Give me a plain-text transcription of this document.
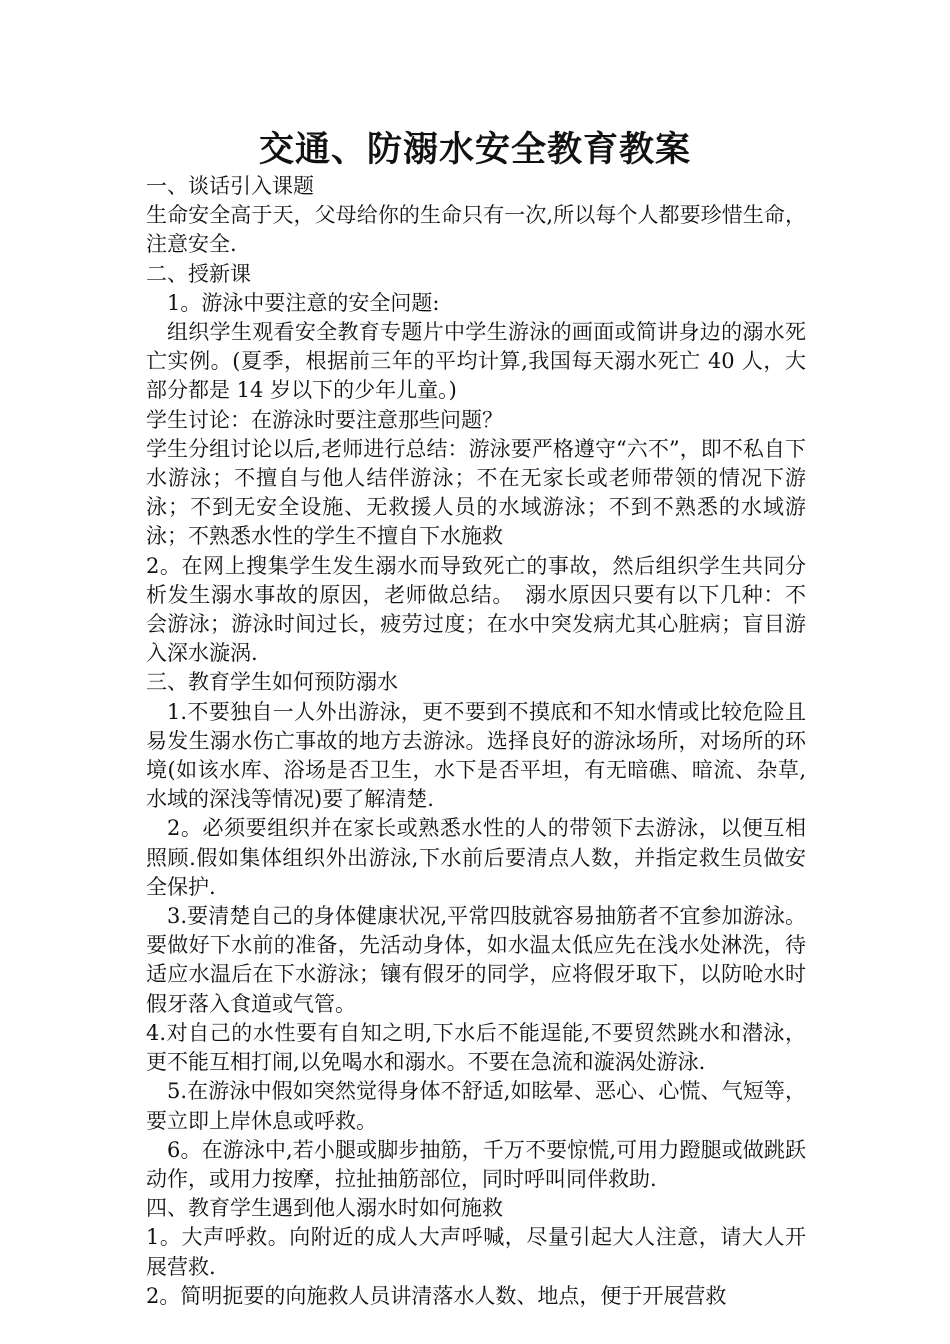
交通、防溺水安全教育教案

一、谈话引入课题

生命安全高于天，父母给你的生命只有一次,所以每个人都要珍惜生命，注意安全.

二、授新课

1。游泳中要注意的安全问题:

组织学生观看安全教育专题片中学生游泳的画面或简讲身边的溺水死亡实例。(夏季，根据前三年的平均计算,我国每天溺水死亡 40 人，大部分都是 14 岁以下的少年儿童。)

学生讨论：在游泳时要注意那些问题？

学生分组讨论以后,老师进行总结：游泳要严格遵守“六不”，即不私自下水游泳；不擅自与他人结伴游泳；不在无家长或老师带领的情况下游泳；不到无安全设施、无救援人员的水域游泳；不到不熟悉的水域游泳；不熟悉水性的学生不擅自下水施救

2。在网上搜集学生发生溺水而导致死亡的事故，然后组织学生共同分析发生溺水事故的原因，老师做总结。　溺水原因只要有以下几种：不会游泳；游泳时间过长，疲劳过度；在水中突发病尤其心脏病；盲目游入深水漩涡.

三、教育学生如何预防溺水

1.不要独自一人外出游泳，更不要到不摸底和不知水情或比较危险且易发生溺水伤亡事故的地方去游泳。选择良好的游泳场所，对场所的环境(如该水库、浴场是否卫生，水下是否平坦，有无暗礁、暗流、杂草,水域的深浅等情况)要了解清楚.

2。必须要组织并在家长或熟悉水性的人的带领下去游泳，以便互相照顾.假如集体组织外出游泳,下水前后要清点人数，并指定救生员做安全保护.

3.要清楚自己的身体健康状况,平常四肢就容易抽筋者不宜参加游泳。要做好下水前的准备，先活动身体，如水温太低应先在浅水处淋洗，待适应水温后在下水游泳；镶有假牙的同学，应将假牙取下，以防呛水时假牙落入食道或气管。

4.对自己的水性要有自知之明,下水后不能逞能,不要贸然跳水和潜泳，更不能互相打闹,以免喝水和溺水。不要在急流和漩涡处游泳.

5.在游泳中假如突然觉得身体不舒适,如眩晕、恶心、心慌、气短等，要立即上岸休息或呼救。

6。在游泳中,若小腿或脚步抽筋，千万不要惊慌,可用力蹬腿或做跳跃动作，或用力按摩，拉扯抽筋部位，同时呼叫同伴救助.

四、教育学生遇到他人溺水时如何施救

1。大声呼救。向附近的成人大声呼喊，尽量引起大人注意，请大人开展营救.

2。简明扼要的向施救人员讲清落水人数、地点，便于开展营救
